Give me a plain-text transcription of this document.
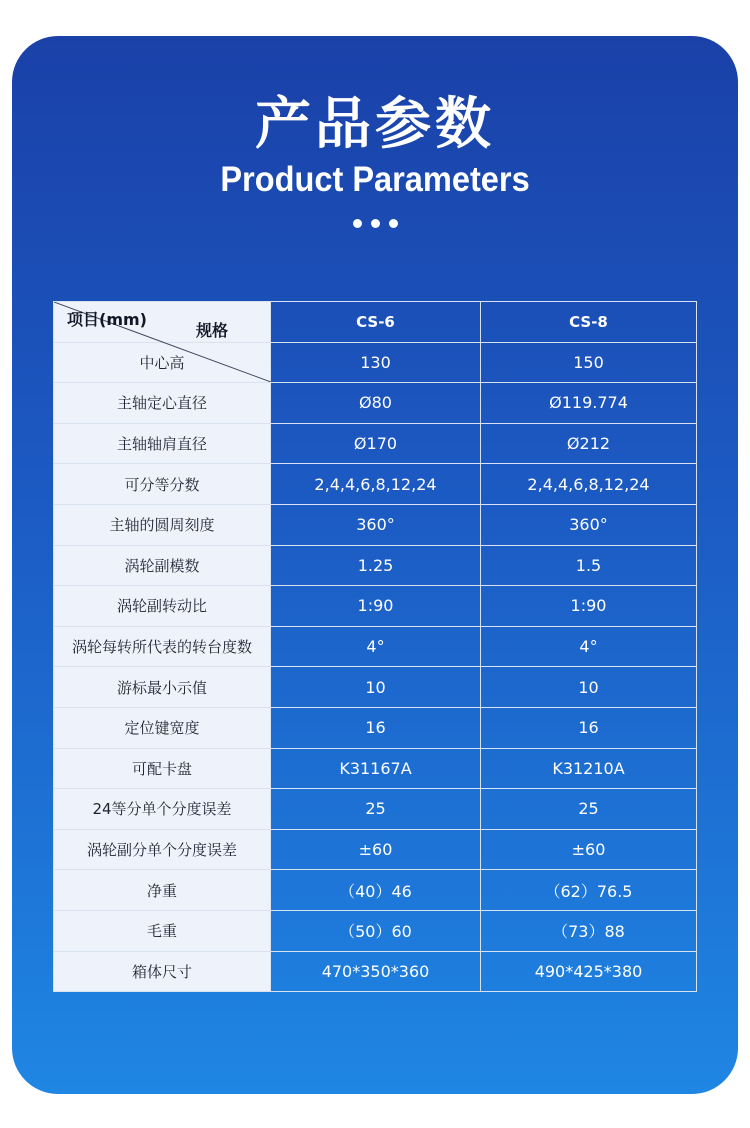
产品参数
Product Parameters
规格
项目(mm)	CS-6	CS-8
中心高	130	150
主轴定心直径	Ø80	Ø119.774
主轴轴肩直径	Ø170	Ø212
可分等分数	2,4,4,6,8,12,24	2,4,4,6,8,12,24
主轴的圆周刻度	360°	360°
涡轮副模数	1.25	1.5
涡轮副转动比	1:90	1:90
涡轮每转所代表的转台度数	4°	4°
游标最小示值	10	10
定位键宽度	16	16
可配卡盘	K31167A	K31210A
24等分单个分度误差	25	25
涡轮副分单个分度误差	±60	±60
净重	（40）46	（62）76.5
毛重	（50）60	（73）88
箱体尺寸	470*350*360	490*425*380
